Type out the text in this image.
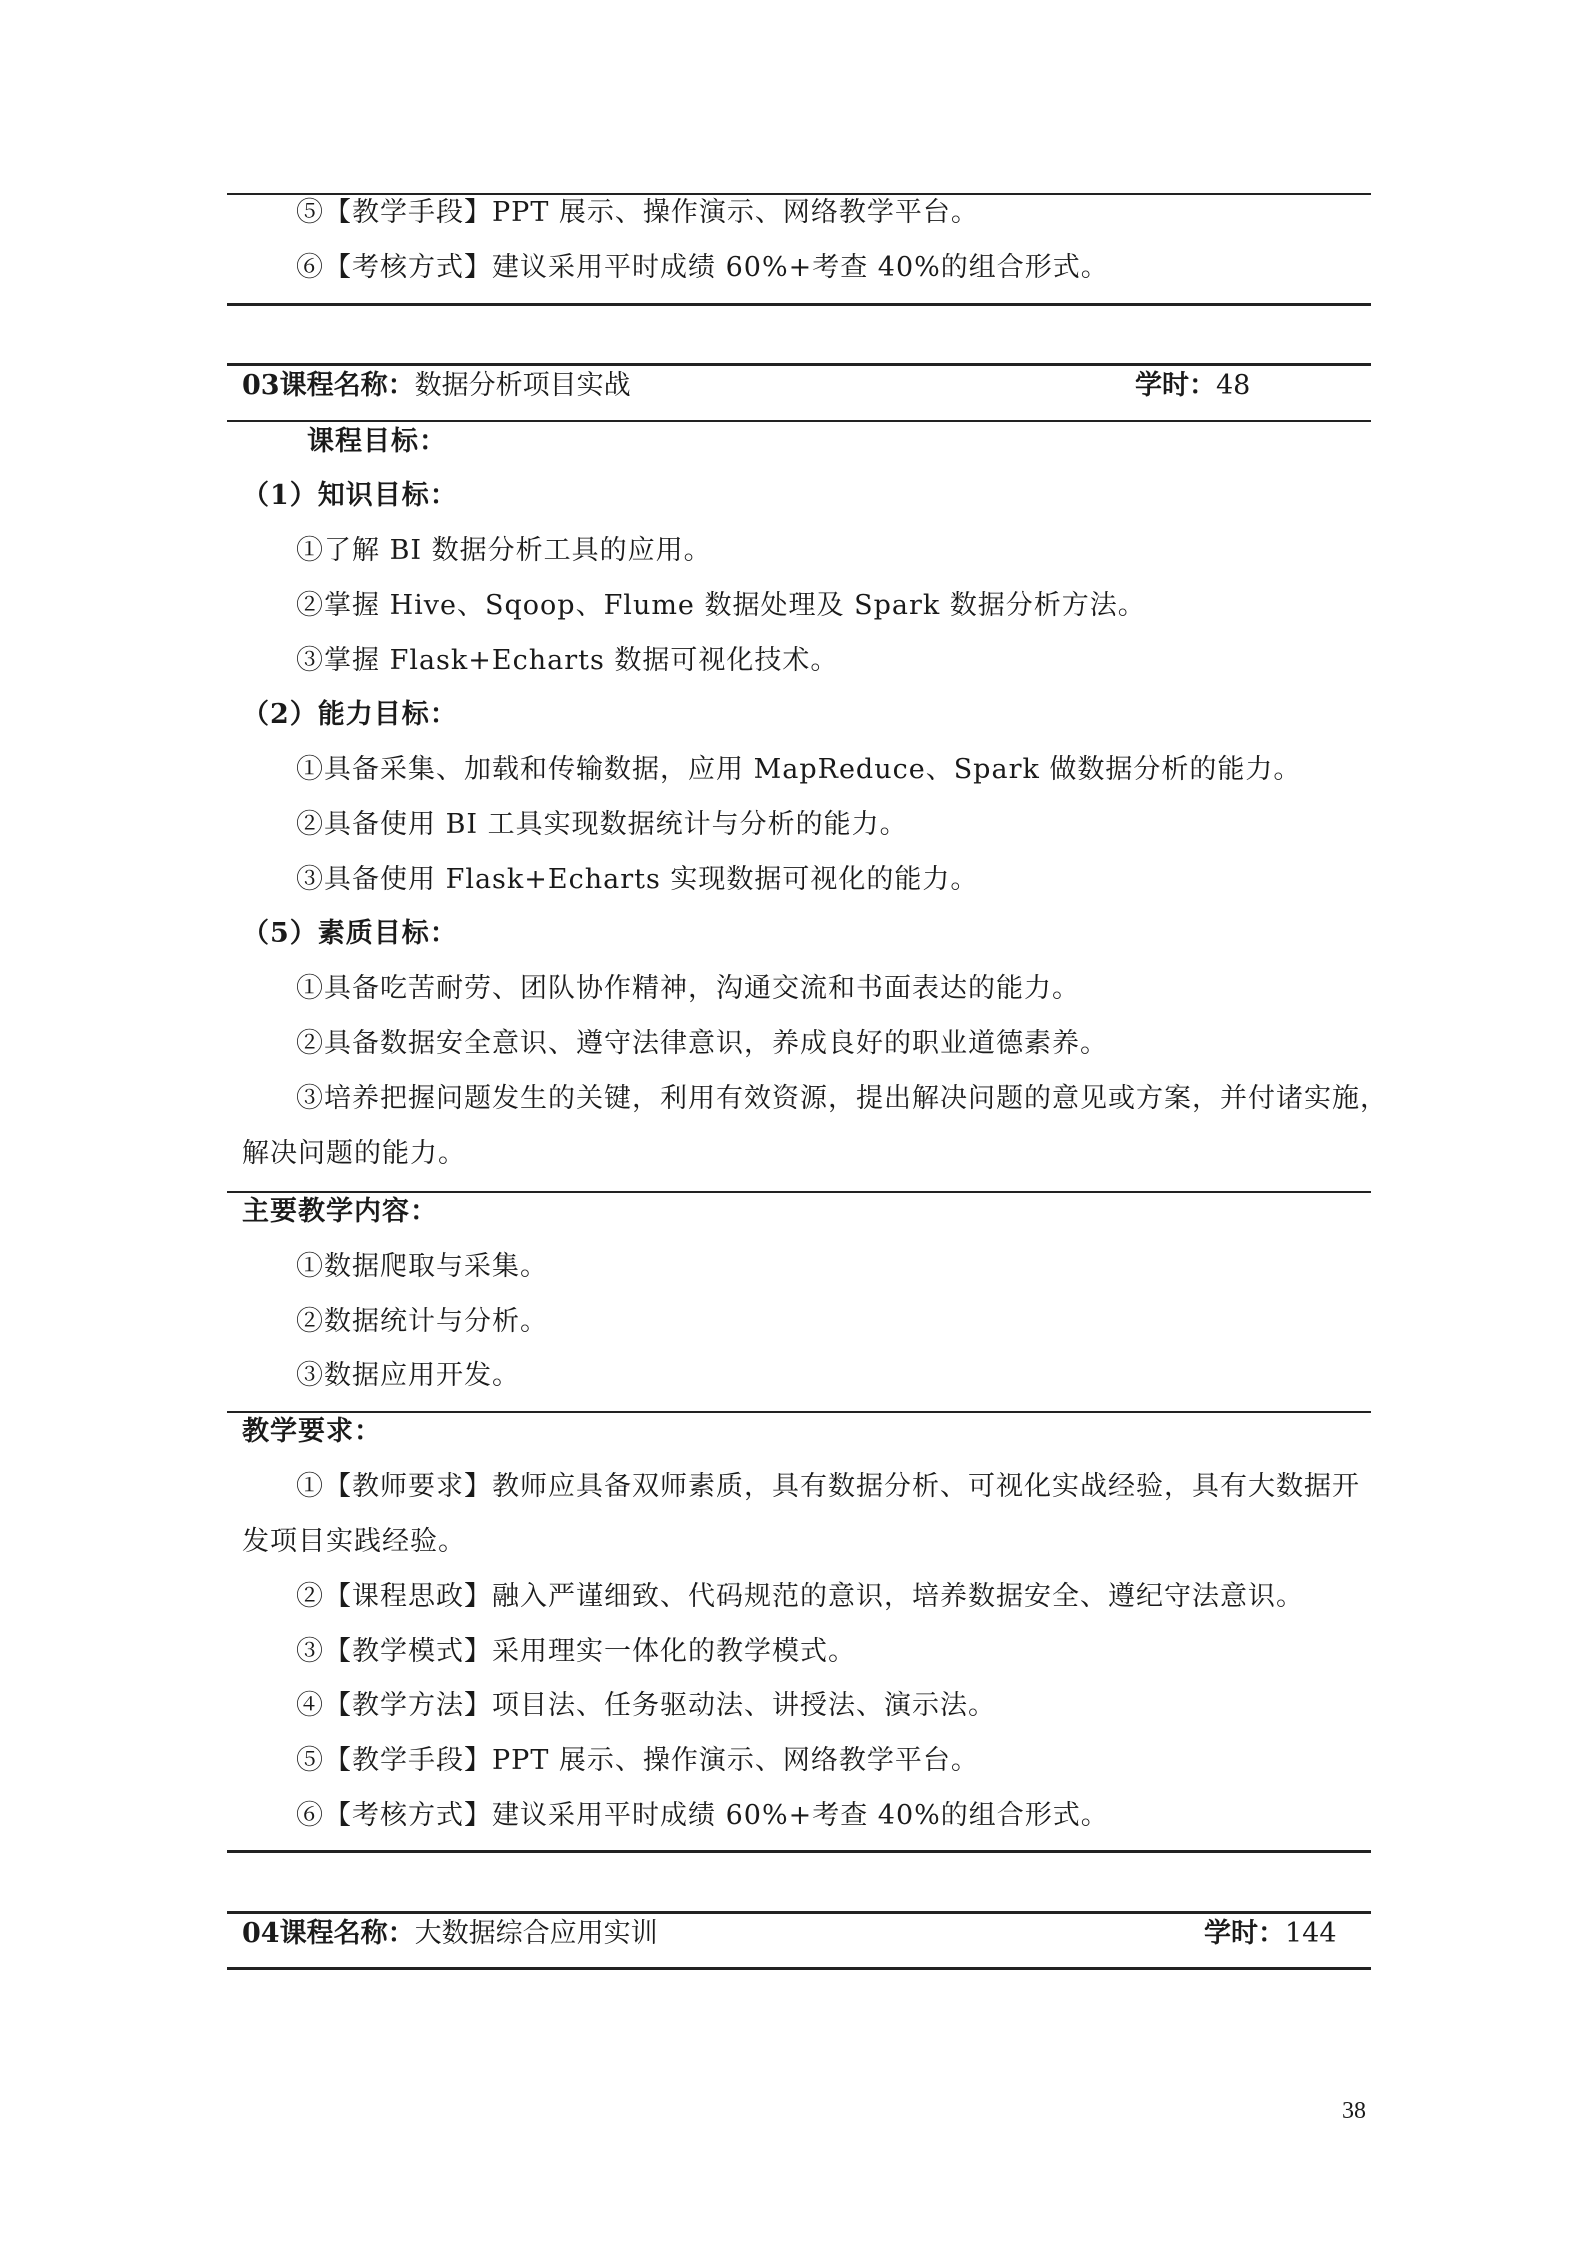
⑤【教学手段】PPT 展示、操作演示、网络教学平台。
⑥【考核方式】建议采用平时成绩 60%+考查 40%的组合形式。
03课程名称：数据分析项目实战	学时：48
课程目标：
（1）知识目标：
①了解 BI 数据分析工具的应用。
②掌握 Hive、Sqoop、Flume 数据处理及 Spark 数据分析方法。
③掌握 Flask+Echarts 数据可视化技术。
（2）能力目标：
①具备采集、加载和传输数据，应用 MapReduce、Spark 做数据分析的能力。
②具备使用 BI 工具实现数据统计与分析的能力。
③具备使用 Flask+Echarts 实现数据可视化的能力。
（5）素质目标：
①具备吃苦耐劳、团队协作精神，沟通交流和书面表达的能力。
②具备数据安全意识、遵守法律意识，养成良好的职业道德素养。
③培养把握问题发生的关键，利用有效资源，提出解决问题的意见或方案，并付诸实施，
解决问题的能力。
主要教学内容：
①数据爬取与采集。
②数据统计与分析。
③数据应用开发。
教学要求：
①【教师要求】教师应具备双师素质，具有数据分析、可视化实战经验，具有大数据开
发项目实践经验。
②【课程思政】融入严谨细致、代码规范的意识，培养数据安全、遵纪守法意识。
③【教学模式】采用理实一体化的教学模式。
④【教学方法】项目法、任务驱动法、讲授法、演示法。
⑤【教学手段】PPT 展示、操作演示、网络教学平台。
⑥【考核方式】建议采用平时成绩 60%+考查 40%的组合形式。
04课程名称：大数据综合应用实训	学时：144
38
